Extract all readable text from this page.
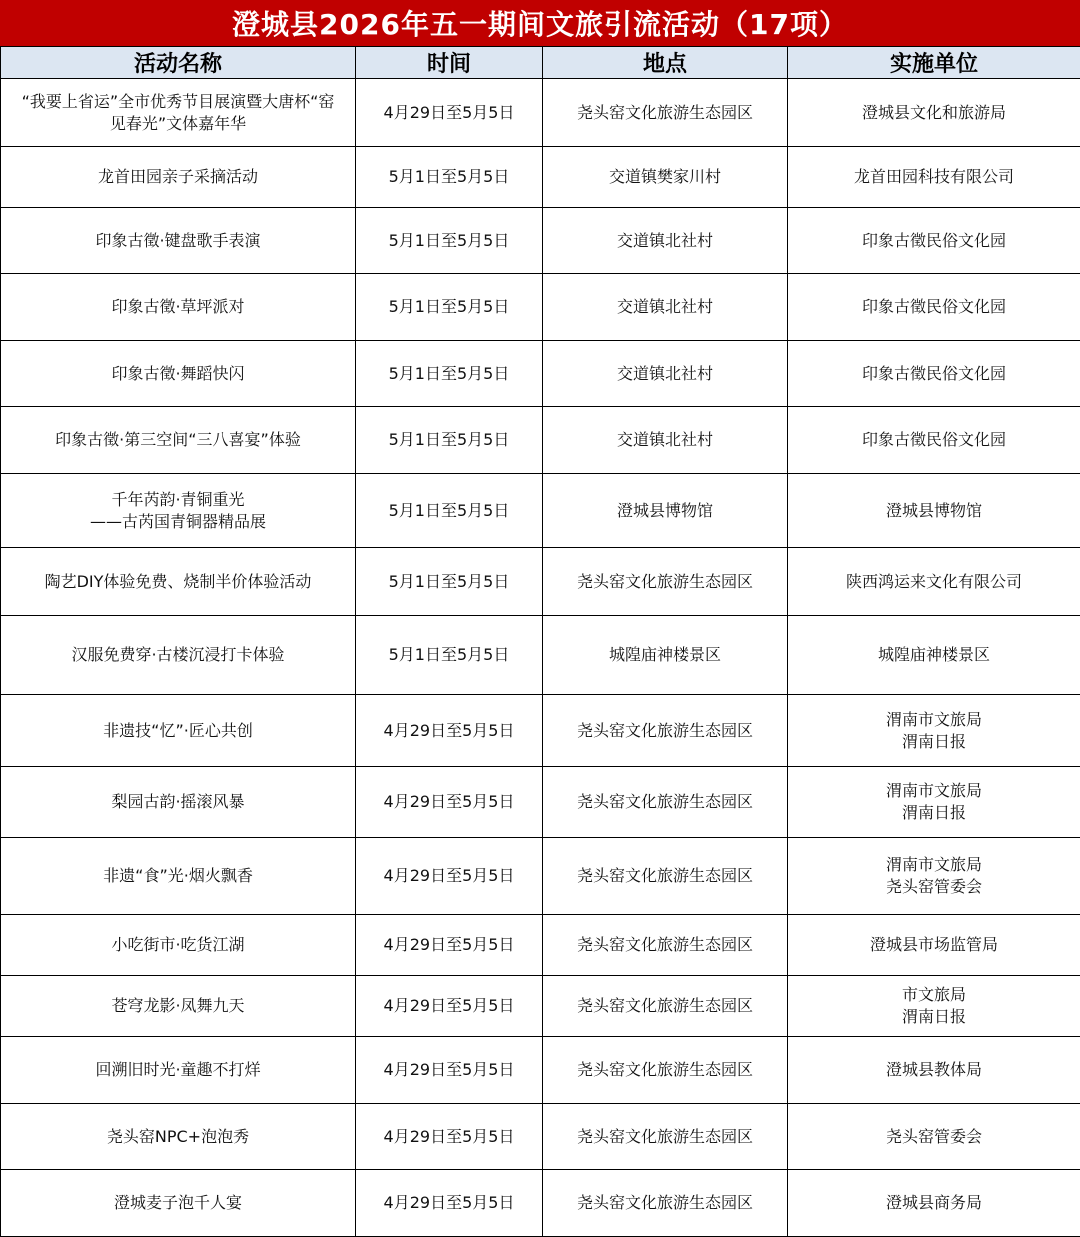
澄城县2026年五一期间文旅引流活动（17项）
活动名称	时间	地点	实施单位

“我要上省运”全市优秀节目展演暨大唐杯“窑
见春光”文体嘉年华	4月29日至5月5日	尧头窑文化旅游生态园区	澄城县文化和旅游局

龙首田园亲子采摘活动	5月1日至5月5日	交道镇樊家川村	龙首田园科技有限公司

印象古徵·键盘歌手表演	5月1日至5月5日	交道镇北社村	印象古徵民俗文化园

印象古徵·草坪派对	5月1日至5月5日	交道镇北社村	印象古徵民俗文化园

印象古徵·舞蹈快闪	5月1日至5月5日	交道镇北社村	印象古徵民俗文化园

印象古徵·第三空间“三八喜宴”体验	5月1日至5月5日	交道镇北社村	印象古徵民俗文化园

千年芮韵·青铜重光
——古芮国青铜器精品展	5月1日至5月5日	澄城县博物馆	澄城县博物馆

陶艺DIY体验免费、烧制半价体验活动	5月1日至5月5日	尧头窑文化旅游生态园区	陕西鸿运来文化有限公司

汉服免费穿·古楼沉浸打卡体验	5月1日至5月5日	城隍庙神楼景区	城隍庙神楼景区

非遗技“忆”·匠心共创	4月29日至5月5日	尧头窑文化旅游生态园区	渭南市文旅局
渭南日报

梨园古韵·摇滚风暴	4月29日至5月5日	尧头窑文化旅游生态园区	渭南市文旅局
渭南日报

非遗“食”光·烟火飘香	4月29日至5月5日	尧头窑文化旅游生态园区	渭南市文旅局
尧头窑管委会

小吃街市·吃货江湖	4月29日至5月5日	尧头窑文化旅游生态园区	澄城县市场监管局

苍穹龙影·凤舞九天	4月29日至5月5日	尧头窑文化旅游生态园区	市文旅局
渭南日报

回溯旧时光·童趣不打烊	4月29日至5月5日	尧头窑文化旅游生态园区	澄城县教体局

尧头窑NPC+泡泡秀	4月29日至5月5日	尧头窑文化旅游生态园区	尧头窑管委会

澄城麦子泡千人宴	4月29日至5月5日	尧头窑文化旅游生态园区	澄城县商务局
